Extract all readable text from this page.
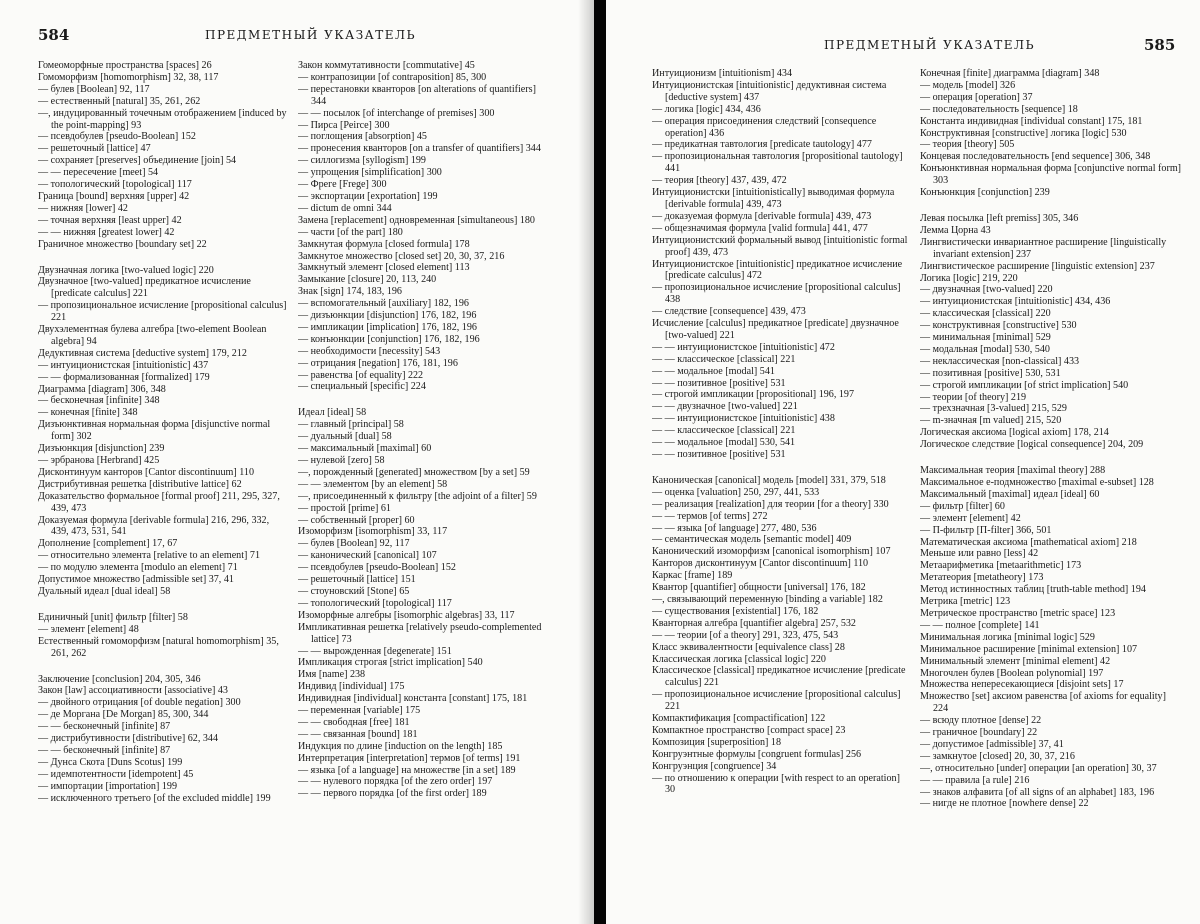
584	ПРЕДМЕТНЫЙ УКАЗАТЕЛЬ

Гомеоморфные пространства [spaces] 26

Гомоморфизм [homomorphism] 32, 38, 117

— булев [Boolean] 92, 117

— естественный [natural] 35, 261, 262

—, индуцированный точечным отображением [induced by the point-mapping] 93

— псевдобулев [pseudo-Boolean] 152

— решеточный [lattice] 47

— сохраняет [preserves] объединение [join] 54

— — пересечение [meet] 54

— топологический [topological] 117

Граница [bound] верхняя [upper] 42

— нижняя [lower] 42

— точная верхняя [least upper] 42

— — нижняя [greatest lower] 42

Граничное множество [boundary set] 22

Двузначная логика [two-valued logic] 220

Двузначное [two-valued] предикатное исчисление [predicate calculus] 221

— пропозициональное исчисление [propositional calculus] 221

Двухэлементная булева алгебра [two-element Boolean algebra] 94

Дедуктивная система [deductive system] 179, 212

— интуиционистская [intuitionistic] 437

— — формализованная [formalized] 179

Диаграмма [diagram] 306, 348

— бесконечная [infinite] 348

— конечная [finite] 348

Дизъюнктивная нормальная форма [disjunctive normal form] 302

Дизъюнкция [disjunction] 239

— эрбранова [Herbrand] 425

Дисконтинуум канторов [Cantor discontinuum] 110

Дистрибутивная решетка [distributive lattice] 62

Доказательство формальное [formal proof] 211, 295, 327, 439, 473

Доказуемая формула [derivable formula] 216, 296, 332, 439, 473, 531, 541

Дополнение [complement] 17, 67

— относительно элемента [relative to an element] 71

— по модулю элемента [modulo an element] 71

Допустимое множество [admissible set] 37, 41

Дуальный идеал [dual ideal] 58

Единичный [unit] фильтр [filter] 58

— элемент [element] 48

Естественный гомоморфизм [natural homomorphism] 35, 261, 262

Заключение [conclusion] 204, 305, 346

Закон [law] ассоциативности [associative] 43

— двойного отрицания [of double negation] 300

— де Моргана [De Morgan] 85, 300, 344

— — бесконечный [infinite] 87

— дистрибутивности [distributive] 62, 344

— — бесконечный [infinite] 87

— Дунса Скота [Duns Scotus] 199

— идемпотентности [idempotent] 45

— импортации [importation] 199

— исключенного третьего [of the excluded middle] 199

Закон коммутативности [commutative] 45

— контрапозиции [of contraposition] 85, 300

— перестановки кванторов [on alterations of quantifiers] 344

— — посылок [of interchange of premises] 300

— Пирса [Peirce] 300

— поглощения [absorption] 45

— пронесения кванторов [on a transfer of quantifiers] 344

— силлогизма [syllogism] 199

— упрощения [simplification] 300

— Фреге [Frege] 300

— экспортации [exportation] 199

— dictum de omni 344

Замена [replacement] одновременная [simultaneous] 180

— части [of the part] 180

Замкнутая формула [closed formula] 178

Замкнутое множество [closed set] 20, 30, 37, 216

Замкнутый элемент [closed element] 113

Замыкание [closure] 20, 113, 240

Знак [sign] 174, 183, 196

— вспомогательный [auxiliary] 182, 196

— дизъюнкции [disjunction] 176, 182, 196

— импликации [implication] 176, 182, 196

— конъюнкции [conjunction] 176, 182, 196

— необходимости [necessity] 543

— отрицания [negation] 176, 181, 196

— равенства [of equality] 222

— специальный [specific] 224

Идеал [ideal] 58

— главный [principal] 58

— дуальный [dual] 58

— максимальный [maximal] 60

— нулевой [zero] 58

—, порожденный [generated] множеством [by a set] 59

— — элементом [by an element] 58

—, присоединенный к фильтру [the adjoint of a filter] 59

— простой [prime] 61

— собственный [proper] 60

Изоморфизм [isomorphism] 33, 117

— булев [Boolean] 92, 117

— канонический [canonical] 107

— псевдобулев [pseudo-Boolean] 152

— решеточный [lattice] 151

— стоуновский [Stone] 65

— топологический [topological] 117

Изоморфные алгебры [isomorphic algebras] 33, 117

Импликативная решетка [relatively pseudo-complemented lattice] 73

— — вырожденная [degenerate] 151

Импликация строгая [strict implication] 540

Имя [name] 238

Индивид [individual] 175

Индивидная [individual] константа [constant] 175, 181

— переменная [variable] 175

— — свободная [free] 181

— — связанная [bound] 181

Индукция по длине [induction on the length] 185

Интерпретация [interpretation] термов [of terms] 191

— языка [of a language] на множестве [in a set] 189

— — нулевого порядка [of the zero order] 197

— — первого порядка [of the first order] 189

ПРЕДМЕТНЫЙ УКАЗАТЕЛЬ	585

Интуиционизм [intuitionism] 434

Интуиционистская [intuitionistic] дедуктивная система [deductive system] 437

— логика [logic] 434, 436

— операция присоединения следствий [consequence operation] 436

— предикатная тавтология [predicate tautology] 477

— пропозициональная тавтология [propositional tautology] 441

— теория [theory] 437, 439, 472

Интуиционистски [intuitionistically] выводимая формула [derivable formula] 439, 473

— доказуемая формула [derivable formula] 439, 473

— общезначимая формула [valid formula] 441, 477

Интуиционистский формальный вывод [intuitionistic formal proof] 439, 473

Интуиционистское [intuitionistic] предикатное исчисление [predicate calculus] 472

— пропозициональное исчисление [propositional calculus] 438

— следствие [consequence] 439, 473

Исчисление [calculus] предикатное [predicate] двузначное [two-valued] 221

— — интуиционистское [intuitionistic] 472

— — классическое [classical] 221

— — модальное [modal] 541

— — позитивное [positive] 531

— строгой импликации [propositional] 196, 197

— — двузначное [two-valued] 221

— — интуиционистское [intuitionistic] 438

— — классическое [classical] 221

— — модальное [modal] 530, 541

— — позитивное [positive] 531

Каноническая [canonical] модель [model] 331, 379, 518

— оценка [valuation] 250, 297, 441, 533

— реализация [realization] для теории [for a theory] 330

— — термов [of terms] 272

— — языка [of language] 277, 480, 536

— семантическая модель [semantic model] 409

Канонический изоморфизм [canonical isomorphism] 107

Канторов дисконтинуум [Cantor discontinuum] 110

Каркас [frame] 189

Квантор [quantifier] общности [universal] 176, 182

—, связывающий переменную [binding a variable] 182

— существования [existential] 176, 182

Кванторная алгебра [quantifier algebra] 257, 532

— — теории [of a theory] 291, 323, 475, 543

Класс эквивалентности [equivalence class] 28

Классическая логика [classical logic] 220

Классическое [classical] предикатное исчисление [predicate calculus] 221

— пропозициональное исчисление [propositional calculus] 221

Компактификация [compactification] 122

Компактное пространство [compact space] 23

Композиция [superposition] 18

Конгруэнтные формулы [congruent formulas] 256

Конгруэнция [congruence] 34

— по отношению к операции [with respect to an operation] 30

Конечная [finite] диаграмма [diagram] 348

— модель [model] 326

— операция [operation] 37

— последовательность [sequence] 18

Константа индивидная [individual constant] 175, 181

Конструктивная [constructive] логика [logic] 530

— теория [theory] 505

Концевая последовательность [end sequence] 306, 348

Конъюнктивная нормальная форма [conjunctive normal form] 303

Конъюнкция [conjunction] 239

Левая посылка [left premiss] 305, 346

Лемма Цорна 43

Лингвистически инвариантное расширение [linguistically invariant extension] 237

Лингвистическое расширение [linguistic extension] 237

Логика [logic] 219, 220

— двузначная [two-valued] 220

— интуиционистская [intuitionistic] 434, 436

— классическая [classical] 220

— конструктивная [constructive] 530

— минимальная [minimal] 529

— модальная [modal] 530, 540

— неклассическая [non-classical] 433

— позитивная [positive] 530, 531

— строгой импликации [of strict implication] 540

— теории [of theory] 219

— трехзначная [3-valued] 215, 529

— m-значная [m valued] 215, 520

Логическая аксиома [logical axiom] 178, 214

Логическое следствие [logical consequence] 204, 209

Максимальная теория [maximal theory] 288

Максимальное е-подмножество [maximal e-subset] 128

Максимальный [maximal] идеал [ideal] 60

— фильтр [filter] 60

— элемент [element] 42

— П-фильтр [П-filter] 366, 501

Математическая аксиома [mathematical axiom] 218

Меньше или равно [less] 42

Метаарифметика [metaarithmetic] 173

Метатеория [metatheory] 173

Метод истинностных таблиц [truth-table method] 194

Метрика [metric] 123

Метрическое пространство [metric space] 123

— — полное [complete] 141

Минимальная логика [minimal logic] 529

Минимальное расширение [minimal extension] 107

Минимальный элемент [minimal element] 42

Многочлен булев [Boolean polynomial] 197

Множества непересекающиеся [disjoint sets] 17

Множество [set] аксиом равенства [of axioms for equality] 224

— всюду плотное [dense] 22

— граничное [boundary] 22

— допустимое [admissible] 37, 41

— замкнутое [closed] 20, 30, 37, 216

—, относительно [under] операции [an operation] 30, 37

— — правила [a rule] 216

— знаков алфавита [of all signs of an alphabet] 183, 196

— нигде не плотное [nowhere dense] 22
